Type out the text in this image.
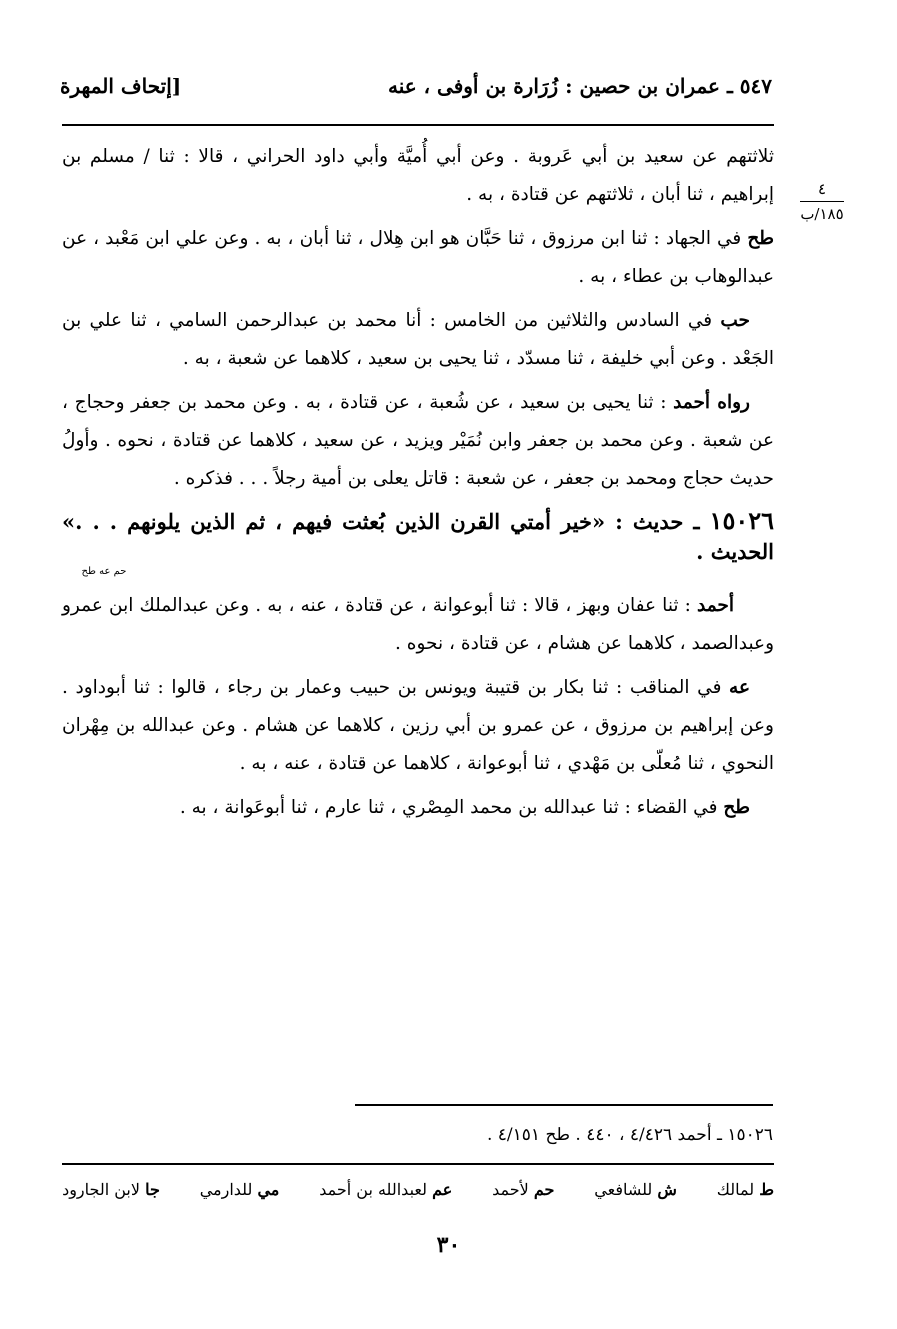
٥٤٧ ـ عمران بن حصين : زُرَارة بن أوفى ، عنه
[إتحاف المهرة
٤
١٨٥/ب

ثلاثتهم عن سعيد بن أبي عَروبة . وعن أبي أُميَّة وأبي داود الحراني ، قالا : ثنا / مسلم بن إبراهيم ، ثنا أبان ، ثلاثتهم عن قتادة ، به .

طح في الجهاد : ثنا ابن مرزوق ، ثنا حَبَّان هو ابن هِلال ، ثنا أبان ، به . وعن علي ابن مَعْبد ، عن عبدالوهاب بن عطاء ، به .

حب في السادس والثلاثين من الخامس : أنا محمد بن عبدالرحمن السامي ، ثنا علي بن الجَعْد . وعن أبي خليفة ، ثنا مسدّد ، ثنا يحيى بن سعيد ، كلاهما عن شعبة ، به .

رواه أحمد : ثنا يحيى بن سعيد ، عن شُعبة ، عن قتادة ، به . وعن محمد بن جعفر وحجاج ، عن شعبة . وعن محمد بن جعفر وابن نُمَيْر ويزيد ، عن سعيد ، كلاهما عن قتادة ، نحوه . وأولُ حديث حجاج ومحمد بن جعفر ، عن شعبة : قاتل يعلى بن أمية رجلاً . . . فذكره .

١٥٠٢٦ ـ حديث : «خير أمتي القرن الذين بُعثت فيهم ، ثم الذين يلونهم . . .» الحديث .
حم عه طح

أحمد : ثنا عفان وبهز ، قالا : ثنا أبوعوانة ، عن قتادة ، عنه ، به . وعن عبدالملك ابن عمرو وعبدالصمد ، كلاهما عن هشام ، عن قتادة ، نحوه .

عه في المناقب : ثنا بكار بن قتيبة ويونس بن حبيب وعمار بن رجاء ، قالوا : ثنا أبوداود . وعن إبراهيم بن مرزوق ، عن عمرو بن أبي رزين ، كلاهما عن هشام . وعن عبدالله بن مِهْران النحوي ، ثنا مُعلّى بن مَهْدي ، ثنا أبوعوانة ، كلاهما عن قتادة ، عنه ، به .

طح في القضاء : ثنا عبدالله بن محمد المِصْري ، ثنا عارم ، ثنا أبوعَوانة ، به .

١٥٠٢٦ ـ أحمد ٤/٤٢٦ ، ٤٤٠ . طح ٤/١٥١ .
ط لمالك
ش للشافعي
حم لأحمد
عم لعبدالله بن أحمد
مي للدارمي
جا لابن الجارود
٣٠
